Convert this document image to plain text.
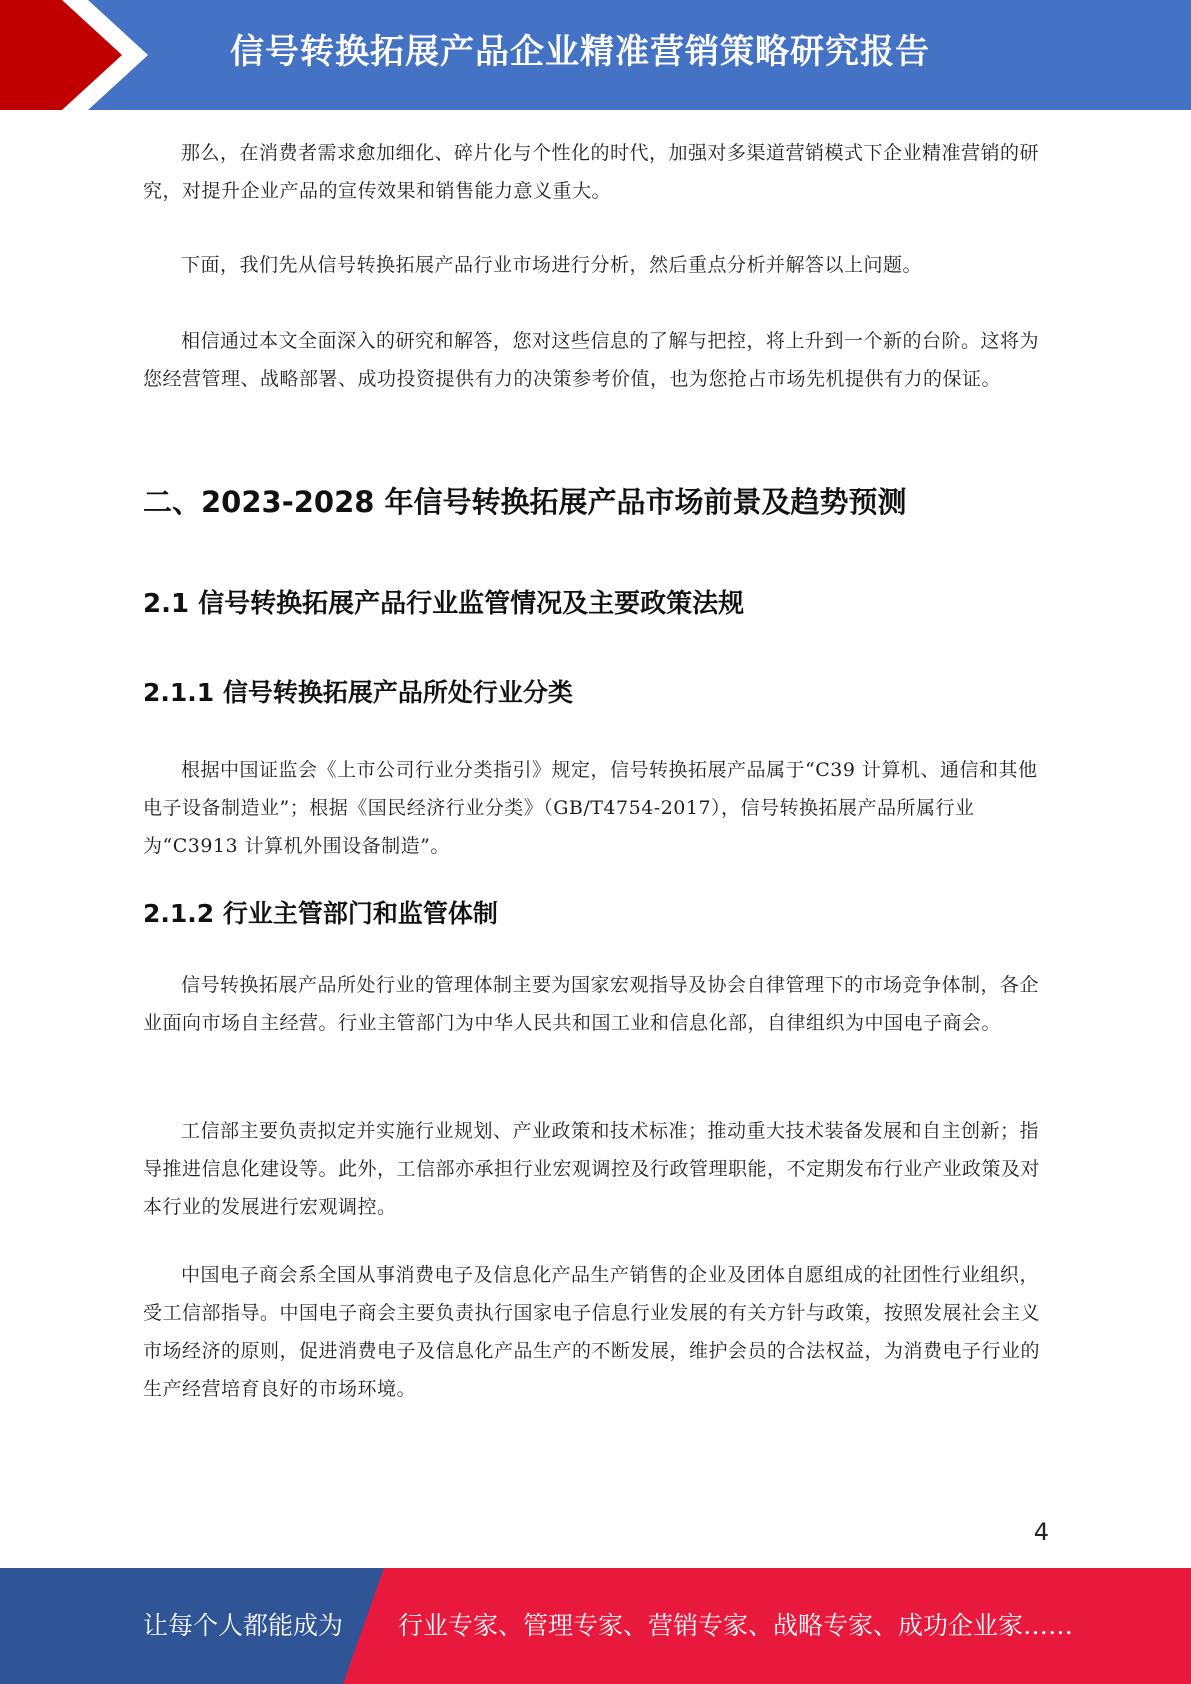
信号转换拓展产品企业精准营销策略研究报告

那么，在消费者需求愈加细化、碎片化与个性化的时代，加强对多渠道营销模式下企业精准营销的研究，对提升企业产品的宣传效果和销售能力意义重大。

下面，我们先从信号转换拓展产品行业市场进行分析，然后重点分析并解答以上问题。

相信通过本文全面深入的研究和解答，您对这些信息的了解与把控，将上升到一个新的台阶。这将为您经营管理、战略部署、成功投资提供有力的决策参考价值，也为您抢占市场先机提供有力的保证。

二、2023-2028 年信号转换拓展产品市场前景及趋势预测
2.1 信号转换拓展产品行业监管情况及主要政策法规
2.1.1 信号转换拓展产品所处行业分类

根据中国证监会《上市公司行业分类指引》规定，信号转换拓展产品属于“C39 计算机、通信和其他电子设备制造业”；根据《国民经济行业分类》（GB/T4754-2017），信号转换拓展产品所属行业为“C3913 计算机外围设备制造”。

2.1.2 行业主管部门和监管体制

信号转换拓展产品所处行业的管理体制主要为国家宏观指导及协会自律管理下的市场竞争体制，各企业面向市场自主经营。行业主管部门为中华人民共和国工业和信息化部，自律组织为中国电子商会。

工信部主要负责拟定并实施行业规划、产业政策和技术标准；推动重大技术装备发展和自主创新；指导推进信息化建设等。此外，工信部亦承担行业宏观调控及行政管理职能，不定期发布行业产业政策及对本行业的发展进行宏观调控。

中国电子商会系全国从事消费电子及信息化产品生产销售的企业及团体自愿组成的社团性行业组织，受工信部指导。中国电子商会主要负责执行国家电子信息行业发展的有关方针与政策，按照发展社会主义市场经济的原则，促进消费电子及信息化产品生产的不断发展，维护会员的合法权益，为消费电子行业的生产经营培育良好的市场环境。

4
让每个人都能成为 行业专家、管理专家、营销专家、战略专家、成功企业家……
